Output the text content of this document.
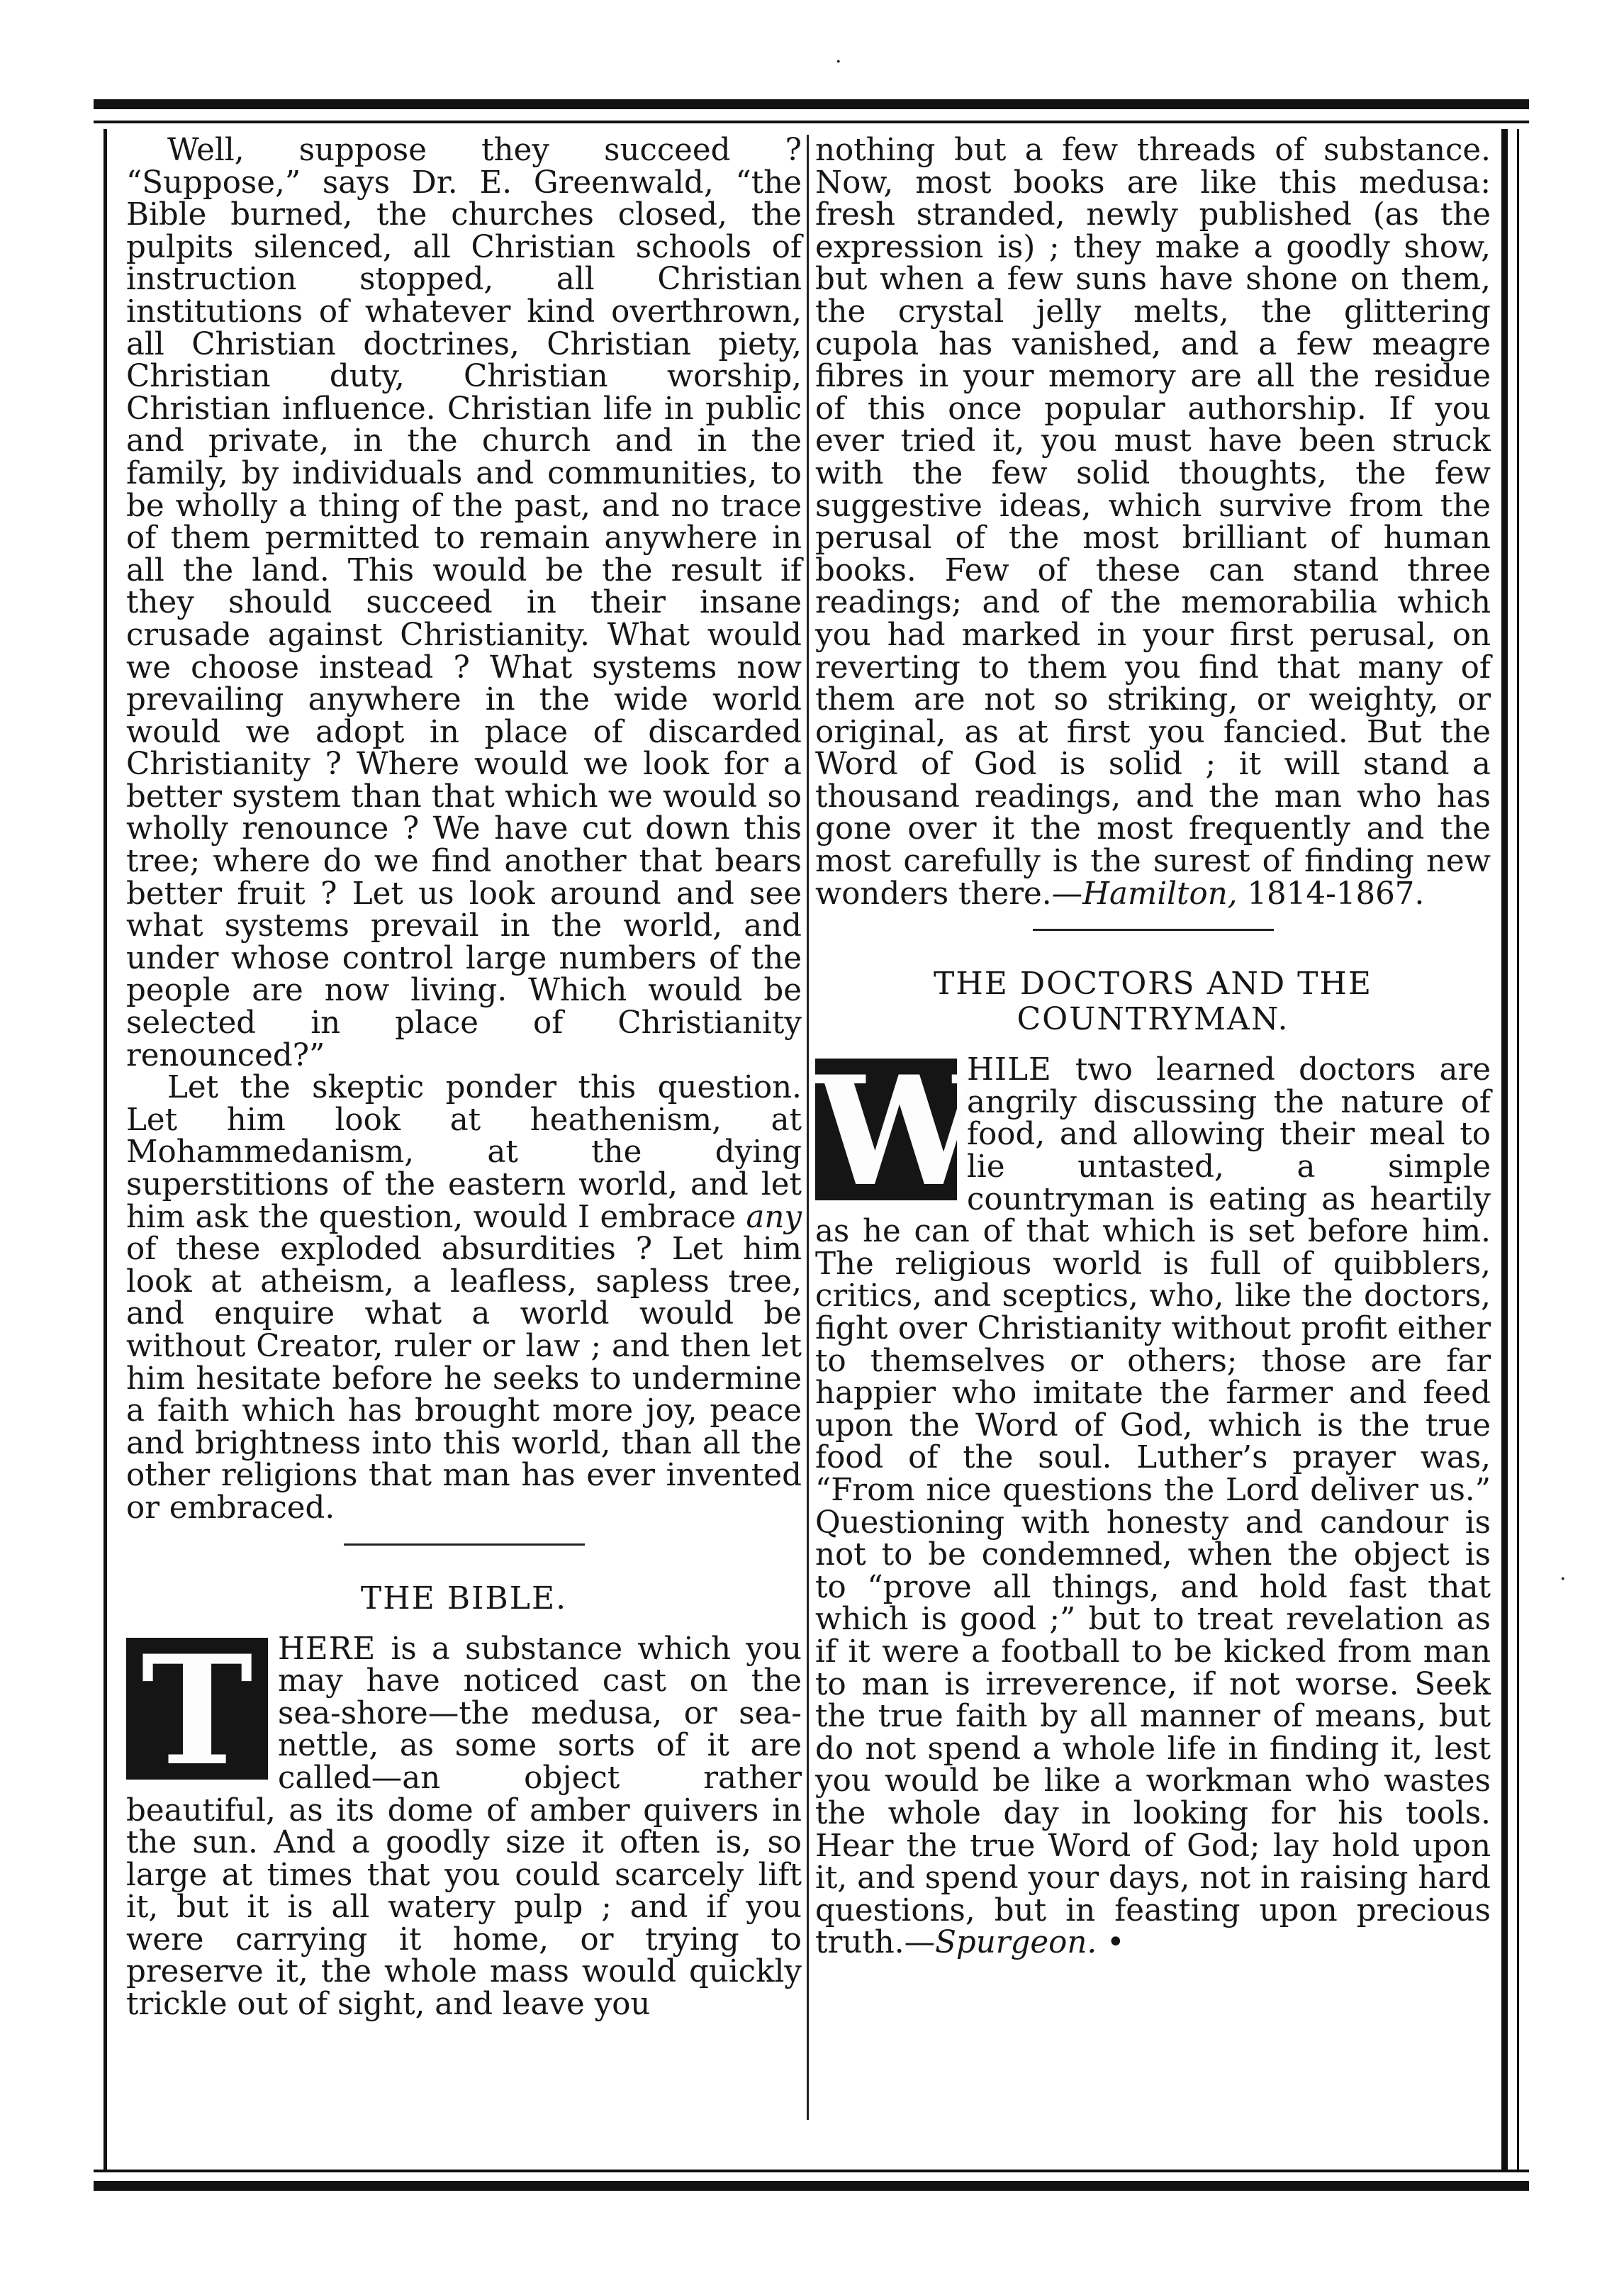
·
·

Well, suppose they succeed ? “Suppose,” says Dr. E. Greenwald, “the Bible burned, the churches closed, the pulpits silenced, all Christian schools of instruction stopped, all Christian institutions of whatever kind overthrown, all Christian doctrines, Christian piety, Christian duty, Christian worship, Christian influence. Christian life in public and private, in the church and in the family, by individuals and communities, to be wholly a thing of the past, and no trace of them permitted to remain anywhere in all the land. This would be the result if they should succeed in their insane crusade against Christianity. What would we choose instead ? What systems now prevailing anywhere in the wide world would we adopt in place of discarded Christianity ? Where would we look for a better system than that which we would so wholly renounce ? We have cut down this tree; where do we find another that bears better fruit ? Let us look around and see what systems prevail in the world, and under whose control large numbers of the people are now living. Which would be selected in place of Christianity renounced?”

Let the skeptic ponder this question. Let him look at heathenism, at Mohammedanism, at the dying superstitions of the eastern world, and let him ask the question, would I embrace any of these exploded absurdities ? Let him look at atheism, a leafless, sapless tree, and enquire what a world would be without Creator, ruler or law ; and then let him hesitate before he seeks to undermine a faith which has brought more joy, peace and brightness into this world, than all the other religions that man has ever invented or embraced.

THE BIBLE.

T HERE is a substance which you may have noticed cast on the sea-shore—the medusa, or sea-nettle, as some sorts of it are called—an object rather beautiful, as its dome of amber quivers in the sun. And a goodly size it often is, so large at times that you could scarcely lift it, but it is all watery pulp ; and if you were carrying it home, or trying to preserve it, the whole mass would quickly trickle out of sight, and leave you

nothing but a few threads of substance. Now, most books are like this medusa: fresh stranded, newly published (as the expression is) ; they make a goodly show, but when a few suns have shone on them, the crystal jelly melts, the glittering cupola has vanished, and a few meagre fibres in your memory are all the residue of this once popular authorship. If you ever tried it, you must have been struck with the few solid thoughts, the few suggestive ideas, which survive from the perusal of the most brilliant of human books. Few of these can stand three readings; and of the memorabilia which you had marked in your first perusal, on reverting to them you find that many of them are not so striking, or weighty, or original, as at first you fancied. But the Word of God is solid ; it will stand a thousand readings, and the man who has gone over it the most frequently and the most carefully is the surest of finding new wonders there.—Hamilton, 1814-1867.

THE DOCTORS AND THE COUNTRYMAN.

W
HILE two learned doctors are angrily discussing the nature of food, and allowing their meal to lie untasted, a simple countryman is eating as heartily as he can of that which is set before him. The religious world is full of quibblers, critics, and sceptics, who, like the doctors, fight over Christianity without profit either to themselves or others; those are far happier who imitate the farmer and feed upon the Word of God, which is the true food of the soul. Luther’s prayer was, “From nice questions the Lord deliver us.” Questioning with honesty and candour is not to be condemned, when the object is to “prove all things, and hold fast that which is good ;” but to treat revelation as if it were a football to be kicked from man to man is irreverence, if not worse. Seek the true faith by all manner of means, but do not spend a whole life in finding it, lest you would be like a workman who wastes the whole day in looking for his tools. Hear the true Word of God; lay hold upon it, and spend your days, not in raising hard questions, but in feasting upon precious truth.—Spurgeon. •
